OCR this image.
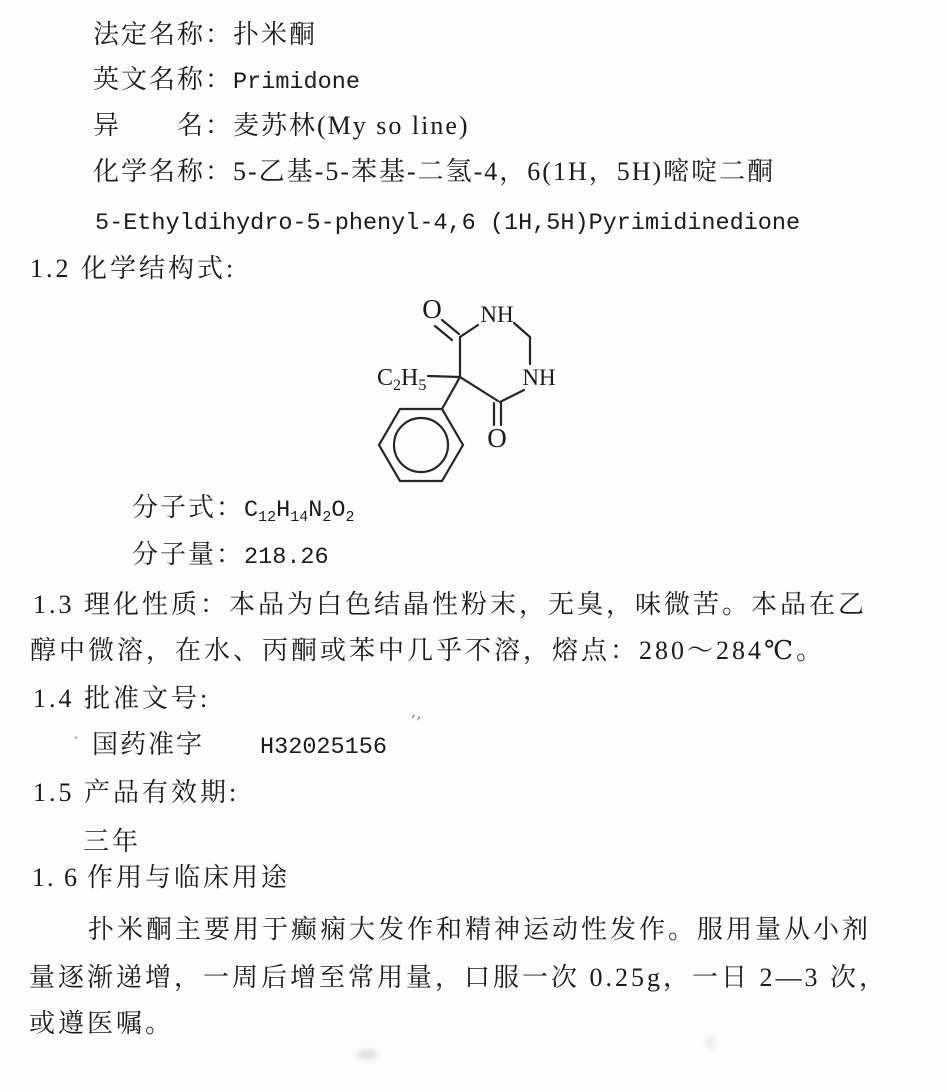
法定名称：扑米酮
英文名称：Primidone
异　　名：麦苏林(My so line)
化学名称：5-乙基-5-苯基-二氢-4，6(1H，5H)嘧啶二酮
5-Ethyldihydro-5-phenyl-4,6 (1H,5H)Pyrimidinedione
1.2 化学结构式:
O NH
NH
O
$C_2H_5$
分子式：$C_{12}H_{14}N_2O_2$
分子量：218.26
1.3 理化性质：本品为白色结晶性粉末，无臭，味微苦。本品在乙
醇中微溶，在水、丙酮或苯中几乎不溶，熔点：280～284℃。
1.4 批准文号:
国药准字 H32025156
′′
1.5 产品有效期:
三年
1. 6 作用与临床用途
扑米酮主要用于癫痫大发作和精神运动性发作。服用量从小剂
量逐渐递增，一周后增至常用量，口服一次 0.25g，一日 2—3 次，
或遵医嘱。
